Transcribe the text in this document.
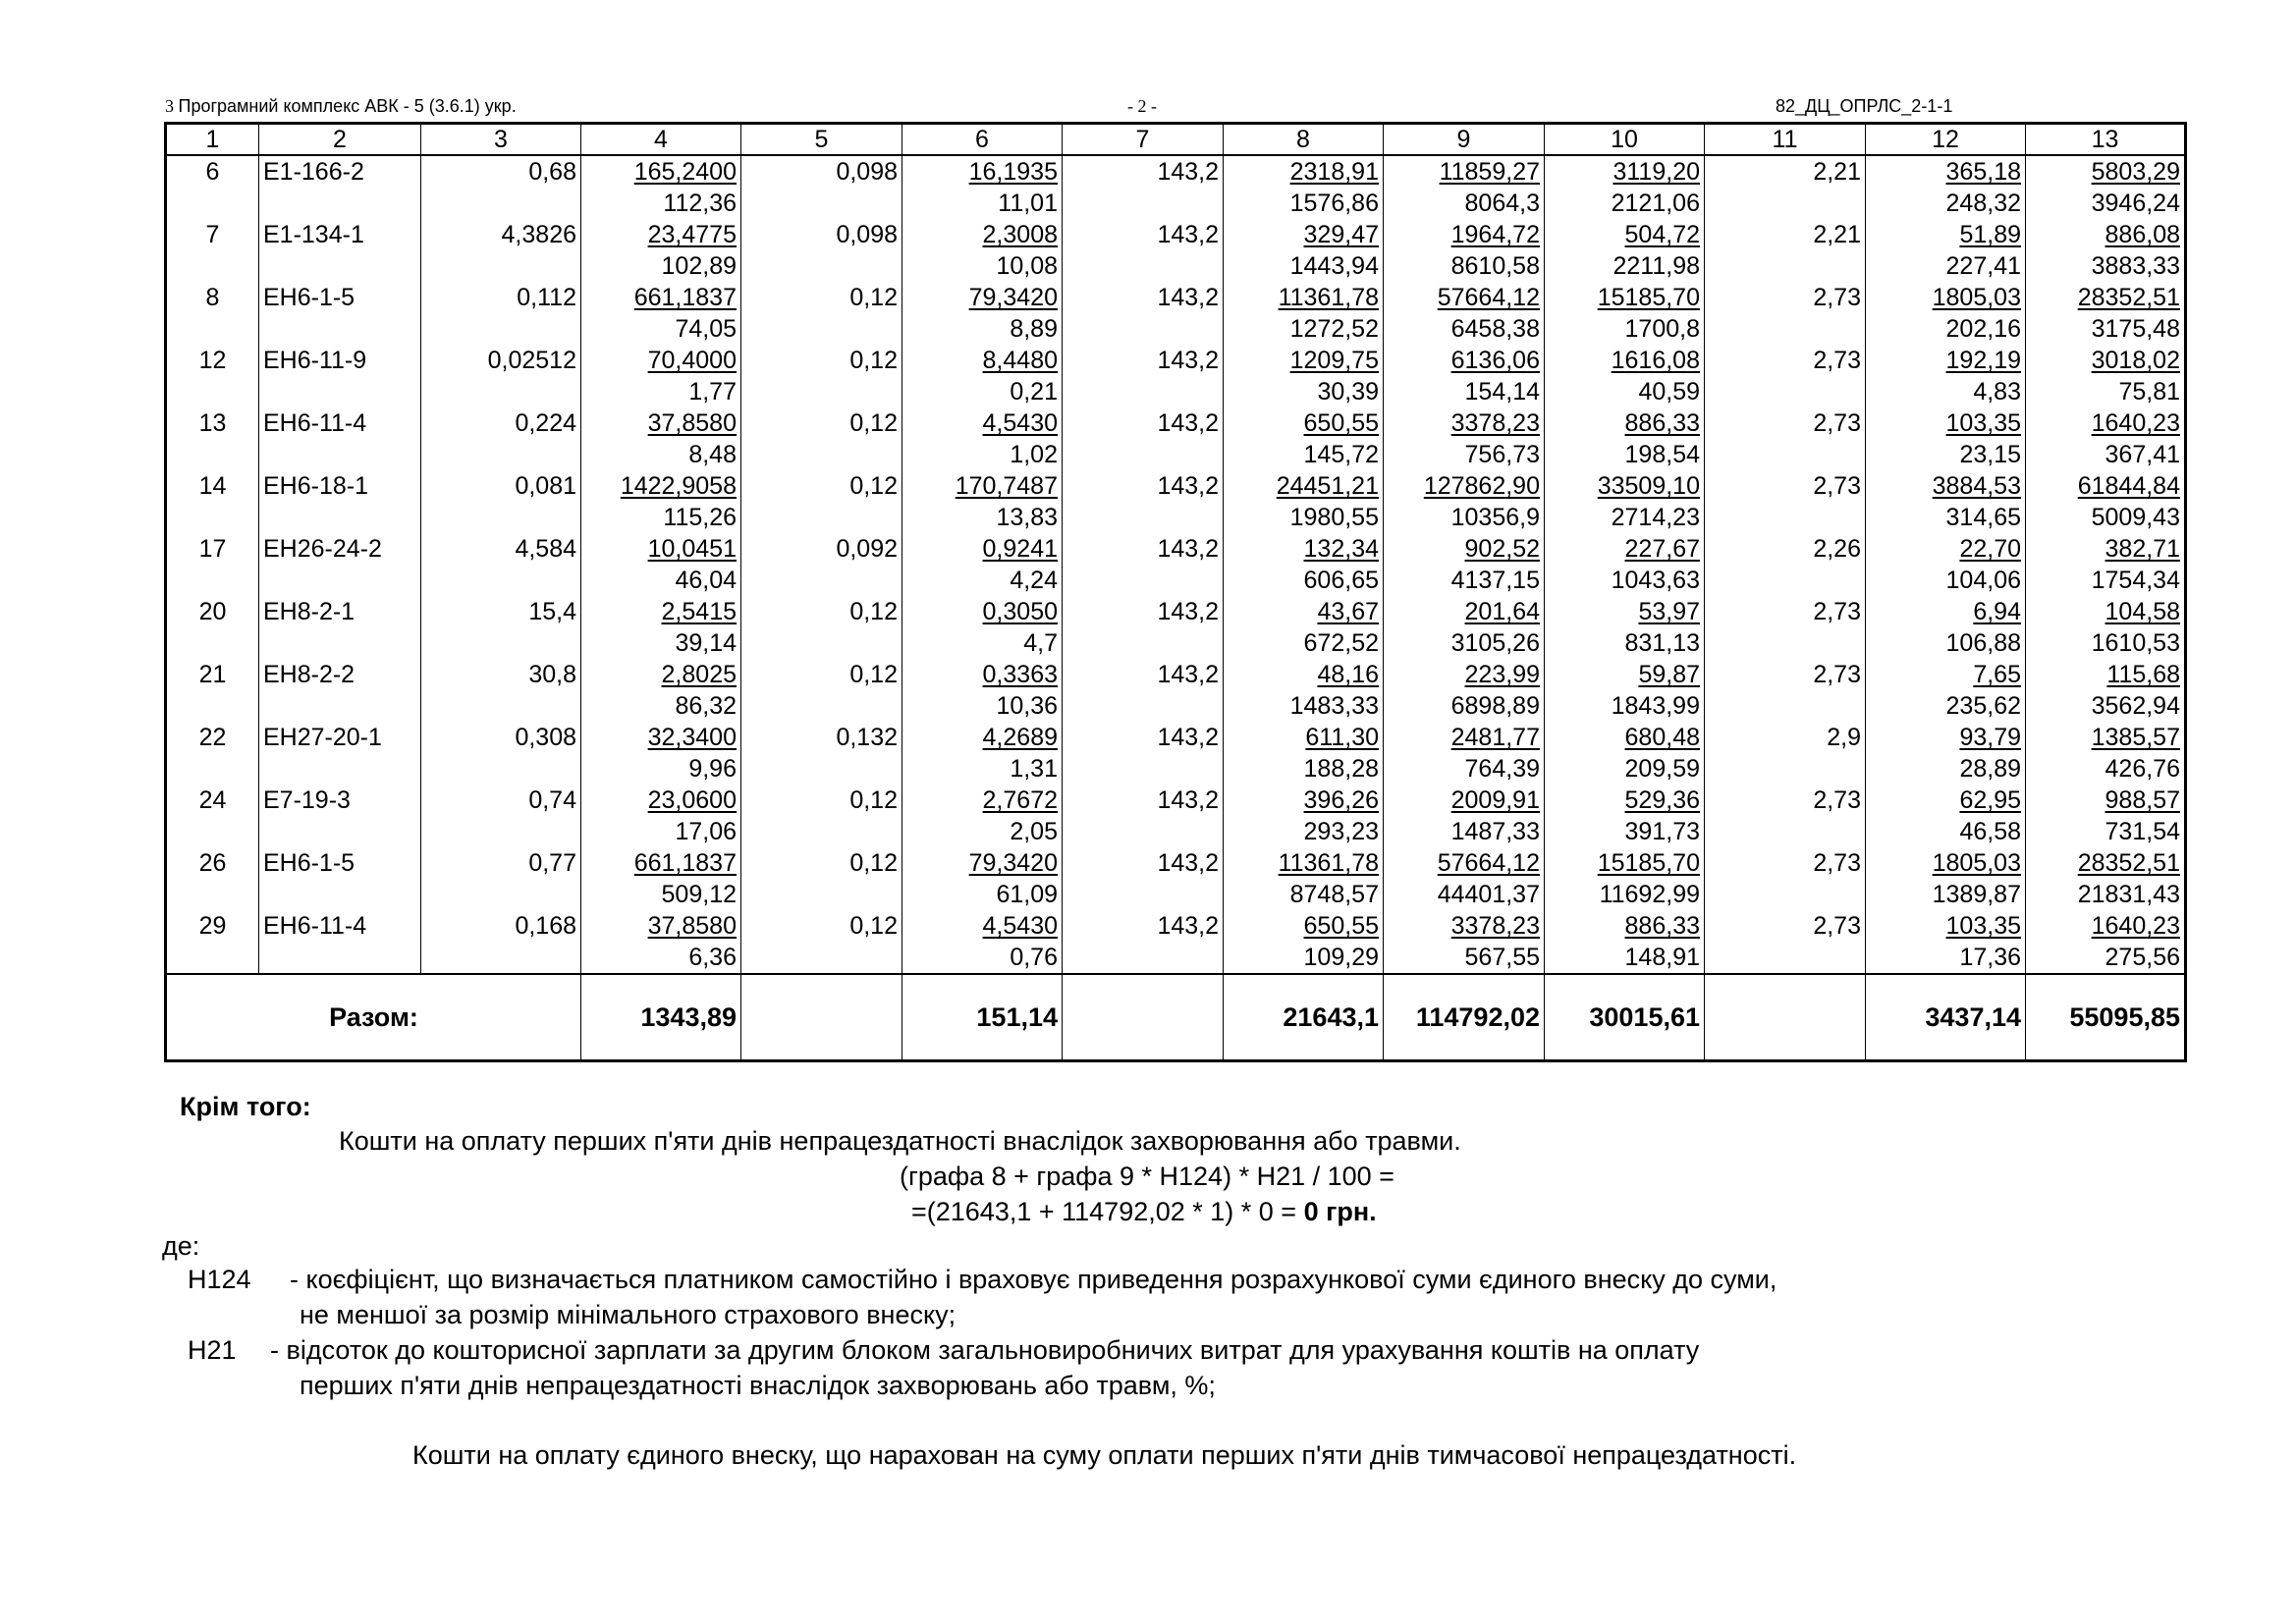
3 Програмний комплекс АВК - 5 (3.6.1) укр.	- 2 -	82_ДЦ_ОПРЛС_2-1-1
1	2	3	4	5	6	7	8	9	10	11	12	13
6	Е1-166-2	0,68	165,2400	0,098	16,1935	143,2	2318,91	11859,27	3119,20	2,21	365,18	5803,29
			112,36		11,01		1576,86	8064,3	2121,06		248,32	3946,24
7	Е1-134-1	4,3826	23,4775	0,098	2,3008	143,2	329,47	1964,72	504,72	2,21	51,89	886,08
			102,89		10,08		1443,94	8610,58	2211,98		227,41	3883,33
8	ЕН6-1-5	0,112	661,1837	0,12	79,3420	143,2	11361,78	57664,12	15185,70	2,73	1805,03	28352,51
			74,05		8,89		1272,52	6458,38	1700,8		202,16	3175,48
12	ЕН6-11-9	0,02512	70,4000	0,12	8,4480	143,2	1209,75	6136,06	1616,08	2,73	192,19	3018,02
			1,77		0,21		30,39	154,14	40,59		4,83	75,81
13	ЕН6-11-4	0,224	37,8580	0,12	4,5430	143,2	650,55	3378,23	886,33	2,73	103,35	1640,23
			8,48		1,02		145,72	756,73	198,54		23,15	367,41
14	ЕН6-18-1	0,081	1422,9058	0,12	170,7487	143,2	24451,21	127862,90	33509,10	2,73	3884,53	61844,84
			115,26		13,83		1980,55	10356,9	2714,23		314,65	5009,43
17	ЕН26-24-2	4,584	10,0451	0,092	0,9241	143,2	132,34	902,52	227,67	2,26	22,70	382,71
			46,04		4,24		606,65	4137,15	1043,63		104,06	1754,34
20	ЕН8-2-1	15,4	2,5415	0,12	0,3050	143,2	43,67	201,64	53,97	2,73	6,94	104,58
			39,14		4,7		672,52	3105,26	831,13		106,88	1610,53
21	ЕН8-2-2	30,8	2,8025	0,12	0,3363	143,2	48,16	223,99	59,87	2,73	7,65	115,68
			86,32		10,36		1483,33	6898,89	1843,99		235,62	3562,94
22	ЕН27-20-1	0,308	32,3400	0,132	4,2689	143,2	611,30	2481,77	680,48	2,9	93,79	1385,57
			9,96		1,31		188,28	764,39	209,59		28,89	426,76
24	Е7-19-3	0,74	23,0600	0,12	2,7672	143,2	396,26	2009,91	529,36	2,73	62,95	988,57
			17,06		2,05		293,23	1487,33	391,73		46,58	731,54
26	ЕН6-1-5	0,77	661,1837	0,12	79,3420	143,2	11361,78	57664,12	15185,70	2,73	1805,03	28352,51
			509,12		61,09		8748,57	44401,37	11692,99		1389,87	21831,43
29	ЕН6-11-4	0,168	37,8580	0,12	4,5430	143,2	650,55	3378,23	886,33	2,73	103,35	1640,23
			6,36		0,76		109,29	567,55	148,91		17,36	275,56
Разом:			1343,89		151,14		21643,1	114792,02	30015,61		3437,14	55095,85
Крім того:
Кошти на оплату перших п'яти днів непрацездатності внаслідок захворювання або травми.
(графа 8 + графа 9 * Н124) * Н21 / 100 =
=(21643,1 + 114792,02 * 1) * 0 = 0 грн.
де:
Н124 - коєфіцієнт, що визначається платником самостійно і враховує приведення розрахункової суми єдиного внеску до суми,
не меншої за розмір мінімального страхового внеску;
Н21 - відсоток до кошторисної зарплати за другим блоком загальновиробничих витрат для урахування коштів на оплату
перших п'яти днів непрацездатності внаслідок захворювань або травм, %;
Кошти на оплату єдиного внеску, що нарахован на суму оплати перших п'яти днів тимчасової непрацездатності.
